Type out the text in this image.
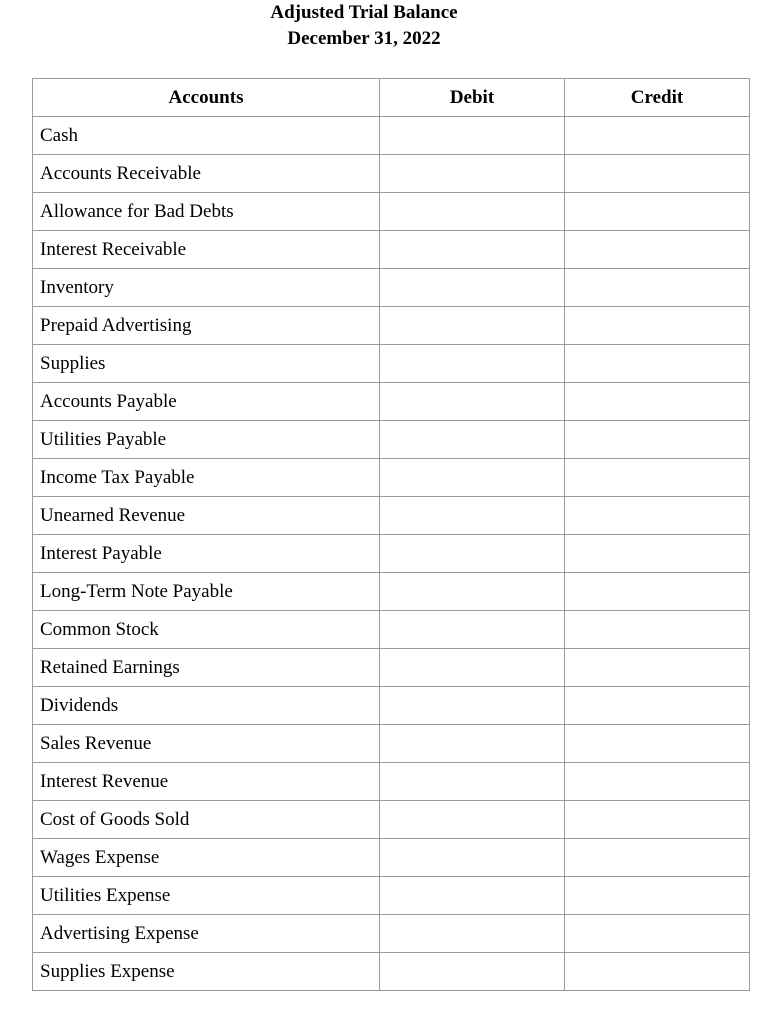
Adjusted Trial Balance
December 31, 2022
Accounts	Debit	Credit
Cash		
Accounts Receivable		
Allowance for Bad Debts		
Interest Receivable		
Inventory		
Prepaid Advertising		
Supplies		
Accounts Payable		
Utilities Payable		
Income Tax Payable		
Unearned Revenue		
Interest Payable		
Long-Term Note Payable		
Common Stock		
Retained Earnings		
Dividends		
Sales Revenue		
Interest Revenue		
Cost of Goods Sold		
Wages Expense		
Utilities Expense		
Advertising Expense		
Supplies Expense		
